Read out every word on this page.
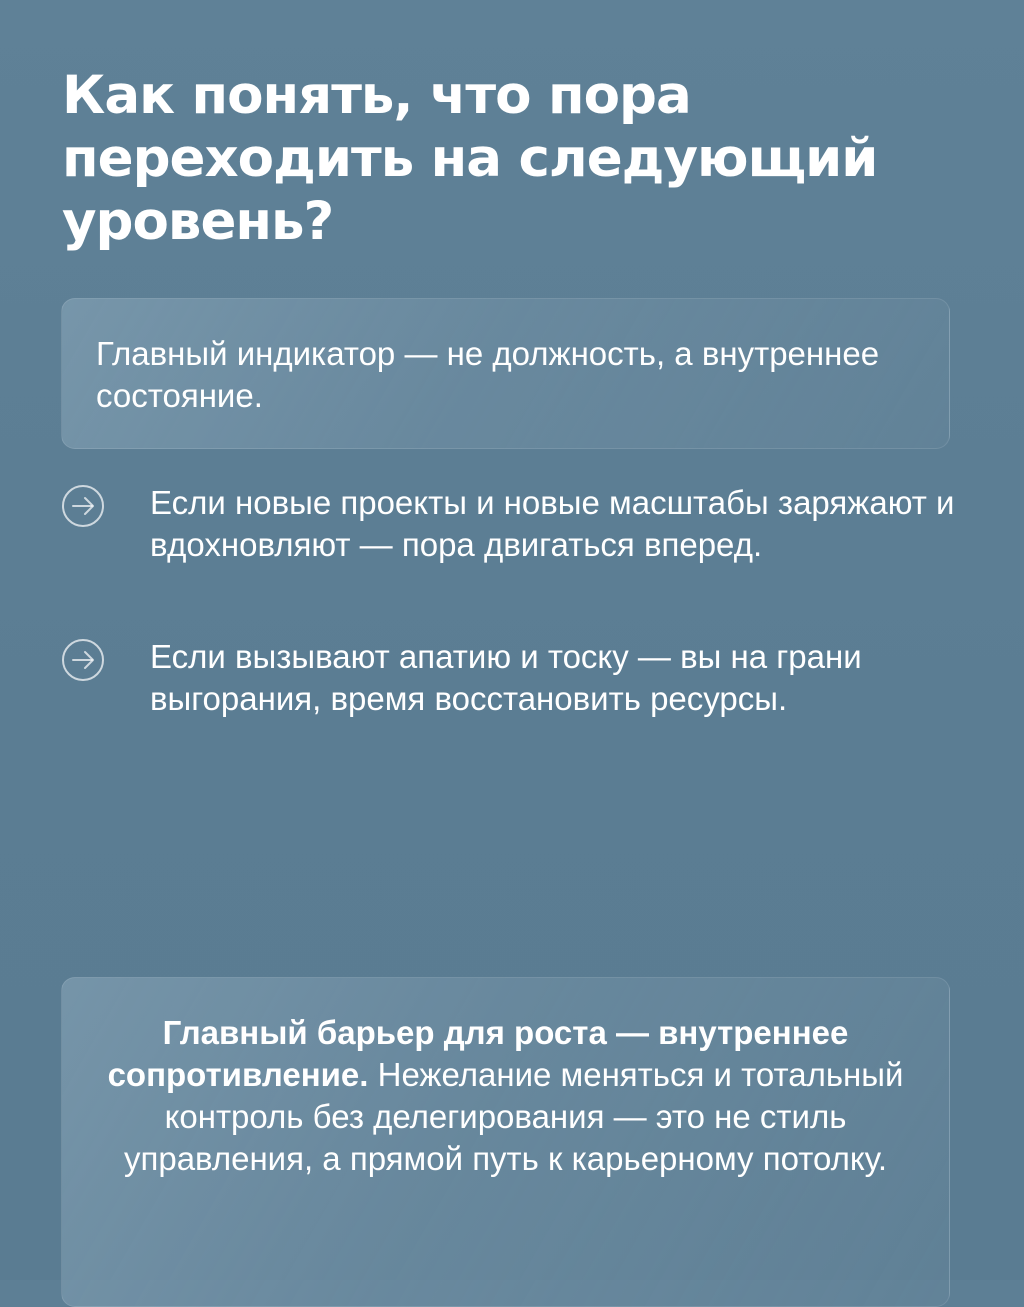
Как понять, что пора переходить на следующий уровень?

Главный индикатор — не должность, а внутреннее состояние.

Если новые проекты и новые масштабы заряжают и вдохновляют — пора двигаться вперед.

Если вызывают апатию и тоску — вы на грани выгорания, время восстановить ресурсы.

Главный барьер для роста — внутреннее сопротивление. Нежелание меняться и тотальный контроль без делегирования — это не стиль управления, а прямой путь к карьерному потолку.
